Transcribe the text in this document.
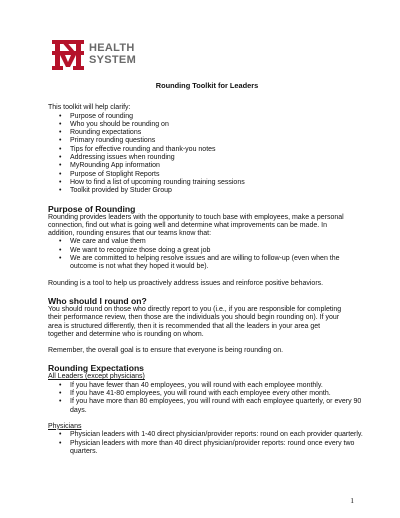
HEALTH
SYSTEM
Rounding Toolkit for Leaders

This toolkit will help clarify:

• Purpose of rounding
• Who you should be rounding on
• Rounding expectations
• Primary rounding questions
• Tips for effective rounding and thank-you notes
• Addressing issues when rounding
• MyRounding App information
• Purpose of Stoplight Reports
• How to find a list of upcoming rounding training sessions
• Toolkit provided by Studer Group
Purpose of Rounding

Rounding provides leaders with the opportunity to touch base with employees, make a personal
connection, find out what is going well and determine what improvements can be made. In
addition, rounding ensures that our teams know that:

• We care and value them
• We want to recognize those doing a great job
• We are committed to helping resolve issues and are willing to follow-up (even when the outcome is not what they hoped it would be).

Rounding is a tool to help us proactively address issues and reinforce positive behaviors.

Who should I round on?

You should round on those who directly report to you (i.e., if you are responsible for completing
their performance review, then those are the individuals you should begin rounding on). If your
area is structured differently, then it is recommended that all the leaders in your area get
together and determine who is rounding on whom.

Remember, the overall goal is to ensure that everyone is being rounding on.

Rounding Expectations

All Leaders (except physicians)

• If you have fewer than 40 employees, you will round with each employee monthly.
• If you have 41-80 employees, you will round with each employee every other month.
• If you have more than 80 employees, you will round with each employee quarterly, or every 90 days.

Physicians

• Physician leaders with 1-40 direct physician/provider reports: round on each provider quarterly.
• Physician leaders with more than 40 direct physician/provider reports: round once every two quarters.
1
